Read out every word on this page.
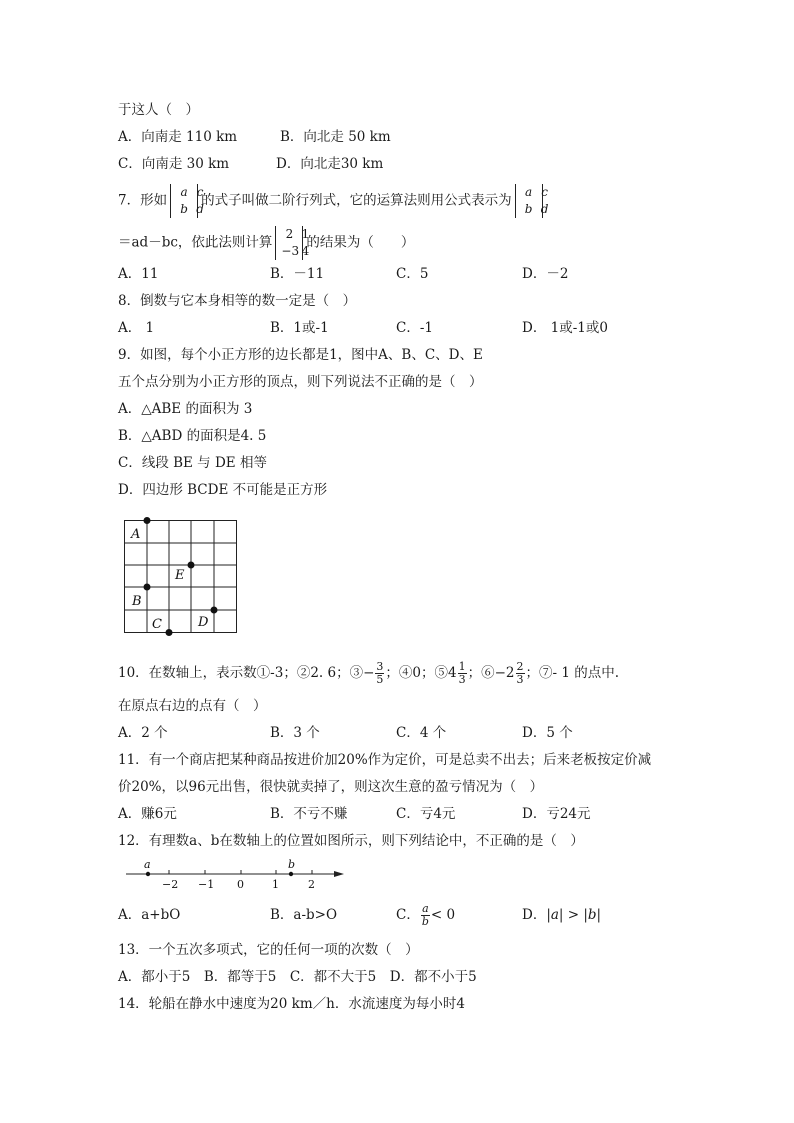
于这人（　）
A．向南走 110 km	B．向北走 50 km
C．向南走 30 km	D．向北走30 km
7．形如
a c
b d
的式子叫做二阶行列式，它的运算法则用公式表示为
a c
b d
＝ad－bc，依此法则计算
2 1
−3 4
的结果为（　　）
A．11	B．－11	C．5	D．－2
8．倒数与它本身相等的数一定是（　）
A． 1	B．1或-1	C．-1	D． 1或-1或0
9．如图，每个小正方形的边长都是1，图中A、B、C、D、E
五个点分别为小正方形的顶点，则下列说法不正确的是（　）
A．△ABE 的面积为 3
B．△ABD 的面积是4. 5
C．线段 BE 与 DE 相等
D．四边形 BCDE 不可能是正方形
A
E
B
C	D
10．在数轴上，表示数①-3；②2. 6；③− $\frac{3}{5}$ ；④0；⑤4 $\frac{1}{3}$ ；⑥−2 $\frac{2}{3}$ ；⑦- 1 的点中.
在原点右边的点有（　）
A．2 个	B．3 个	C．4 个	D．5 个
11．有一个商店把某种商品按进价加20%作为定价，可是总卖不出去；后来老板按定价减
价20%，以96元出售，很快就卖掉了，则这次生意的盈亏情况为（　）
A．赚6元	B．不亏不赚	C．亏4元	D．亏24元
12．有理数a、b在数轴上的位置如图所示，则下列结论中，不正确的是（　）
a	b
−2 −1 0	1	2
A．a+bO	B．a-b>O	C． $\frac{a}{b} < 0$	D．|a| > |b|
13．一个五次多项式，它的任何一项的次数（　）
A．都小于5　B．都等于5　C．都不大于5　D．都不小于5
14．轮船在静水中速度为20 km／h．水流速度为每小时4
